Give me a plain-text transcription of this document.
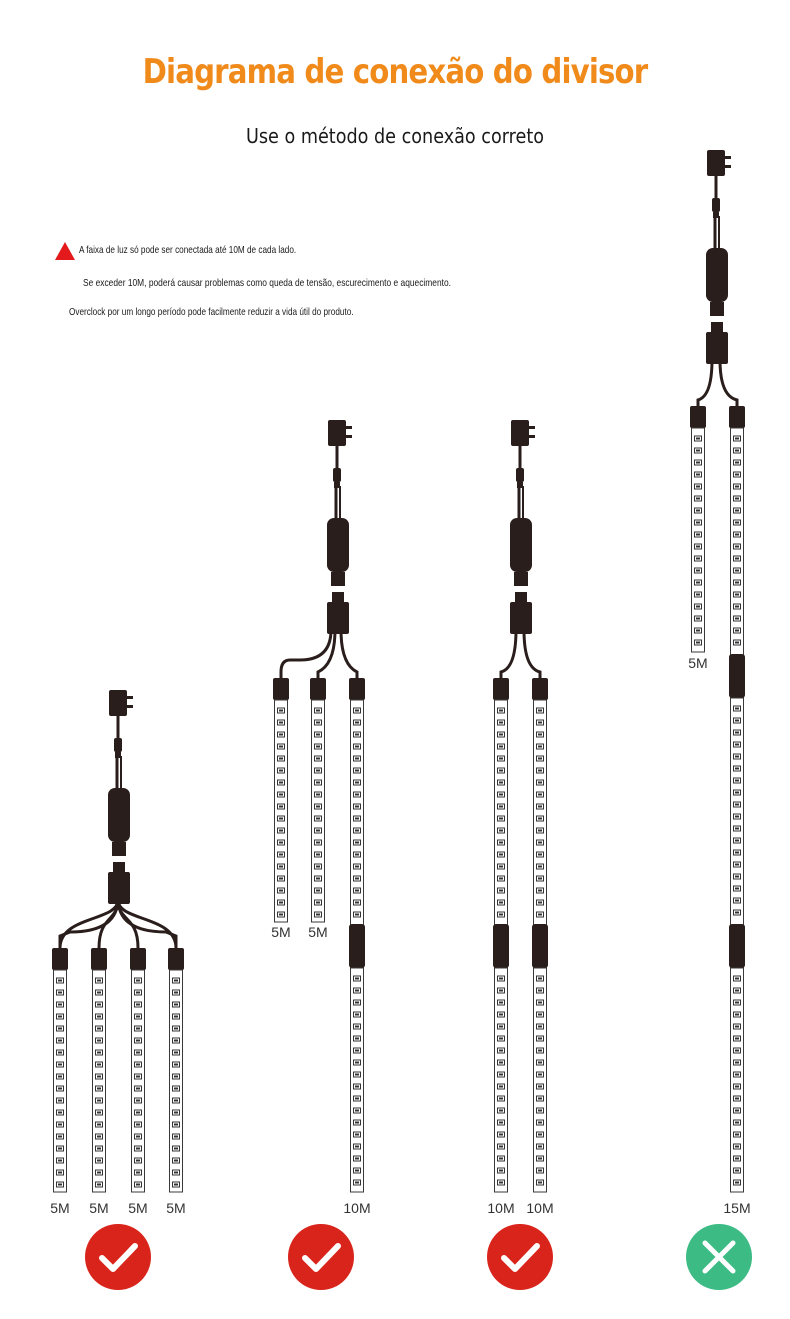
Diagrama de conexão do divisor
Use o método de conexão correto
A faixa de luz só pode ser conectada até 10M de cada lado.
Se exceder 10M, poderá causar problemas como queda de tensão, escurecimento e aquecimento.
Overclock por um longo período pode facilmente reduzir a vida útil do produto.
5M 5M 5M 5M
5M 5M
10M	10M 10M
5M
15M
